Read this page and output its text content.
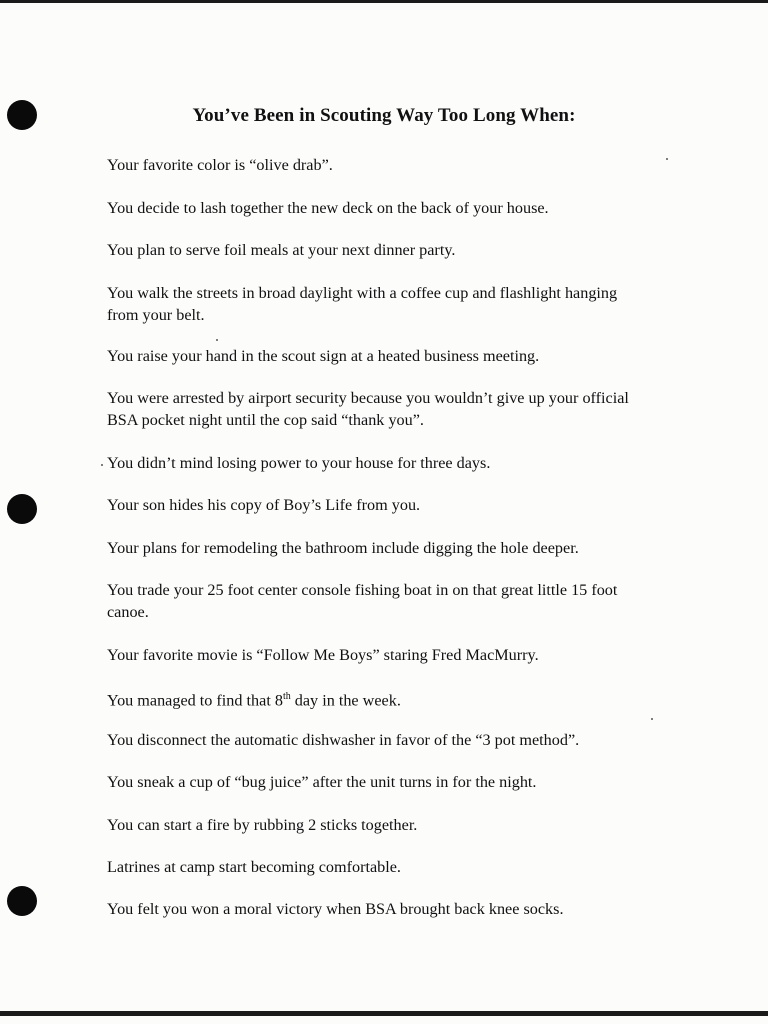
You’ve Been in Scouting Way Too Long When:

Your favorite color is “olive drab”.

You decide to lash together the new deck on the back of your house.

You plan to serve foil meals at your next dinner party.

You walk the streets in broad daylight with a coffee cup and flashlight hanging from your belt.

You raise your hand in the scout sign at a heated business meeting.

You were arrested by airport security because you wouldn’t give up your official BSA pocket night until the cop said “thank you”.

You didn’t mind losing power to your house for three days.

Your son hides his copy of Boy’s Life from you.

Your plans for remodeling the bathroom include digging the hole deeper.

You trade your 25 foot center console fishing boat in on that great little 15 foot canoe.

Your favorite movie is “Follow Me Boys” staring Fred MacMurry.

You managed to find that 8th day in the week.

You disconnect the automatic dishwasher in favor of the “3 pot method”.

You sneak a cup of “bug juice” after the unit turns in for the night.

You can start a fire by rubbing 2 sticks together.

Latrines at camp start becoming comfortable.

You felt you won a moral victory when BSA brought back knee socks.
